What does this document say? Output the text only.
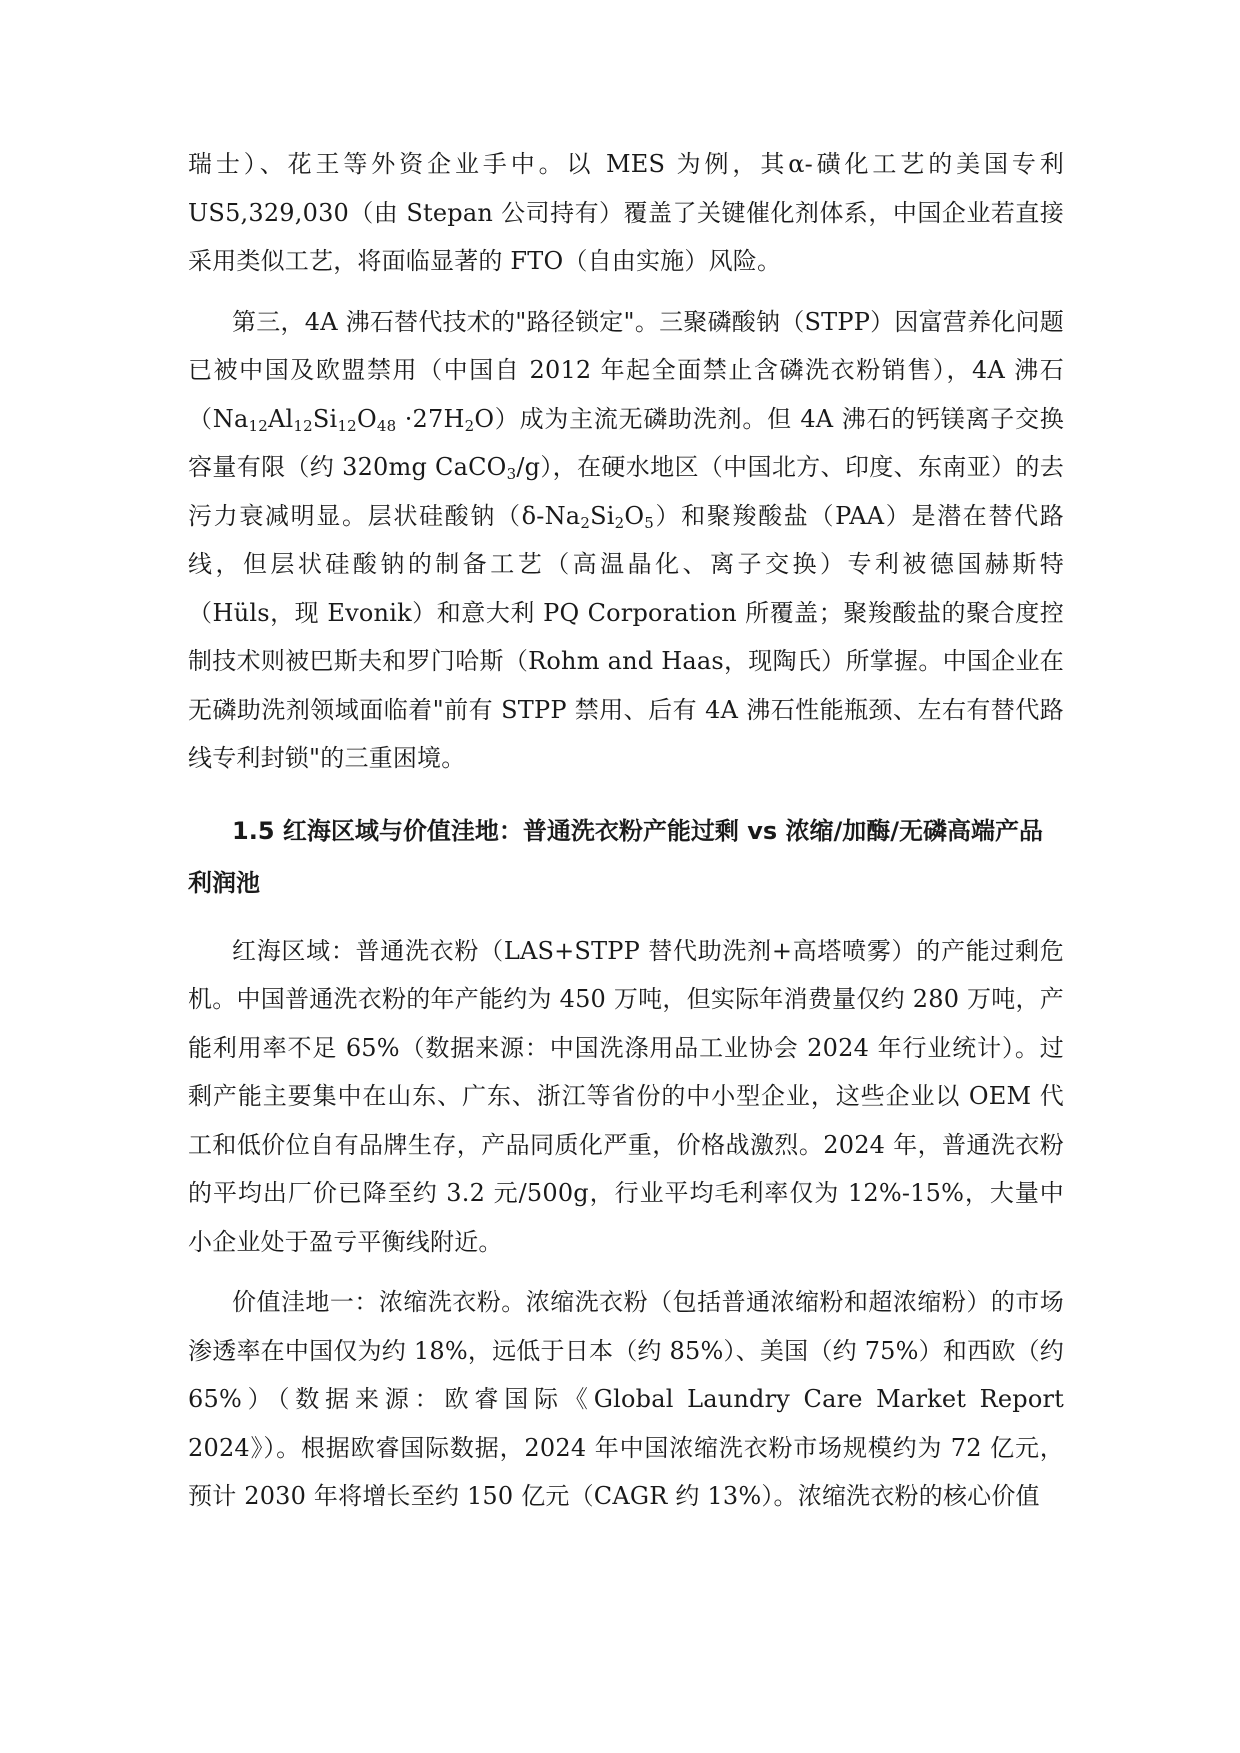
瑞士）、花王等外资企业手中。以 MES 为例，其α-磺化工艺的美国专利 US5,329,030（由 Stepan 公司持有）覆盖了关键催化剂体系，中国企业若直接采用类似工艺，将面临显著的 FTO（自由实施）风险。

第三，4A 沸石替代技术的"路径锁定"。三聚磷酸钠（STPP）因富营养化问题已被中国及欧盟禁用（中国自 2012 年起全面禁止含磷洗衣粉销售），4A 沸石$(Na_{12}Al_{12}Si_{12}O_{48} \cdot 27H_2O)$成为主流无磷助洗剂。但 4A 沸石的钙镁离子交换容量有限（约 320mg CaCO$_3$/g），在硬水地区（中国北方、印度、东南亚）的去污力衰减明显。层状硅酸钠$(\delta-Na_2Si_2O_5)$和聚羧酸盐（PAA）是潜在替代路线，但层状硅酸钠的制备工艺（高温晶化、离子交换）专利被德国赫斯特（Hüls，现 Evonik）和意大利 PQ Corporation 所覆盖；聚羧酸盐的聚合度控制技术则被巴斯夫和罗门哈斯（Rohm and Haas，现陶氏）所掌握。中国企业在无磷助洗剂领域面临着"前有 STPP 禁用、后有 4A 沸石性能瓶颈、左右有替代路线专利封锁"的三重困境。

1.5 红海区域与价值洼地：普通洗衣粉产能过剩 vs 浓缩/加酶/无磷高端产品利润池

红海区域：普通洗衣粉（LAS+STPP 替代助洗剂+高塔喷雾）的产能过剩危机。中国普通洗衣粉的年产能约为 450 万吨，但实际年消费量仅约 280 万吨，产能利用率不足 65%（数据来源：中国洗涤用品工业协会 2024 年行业统计）。过剩产能主要集中在山东、广东、浙江等省份的中小型企业，这些企业以 OEM 代工和低价位自有品牌生存，产品同质化严重，价格战激烈。2024 年，普通洗衣粉的平均出厂价已降至约 3.2 元/500g，行业平均毛利率仅为 12%-15%，大量中小企业处于盈亏平衡线附近。

价值洼地一：浓缩洗衣粉。浓缩洗衣粉（包括普通浓缩粉和超浓缩粉）的市场渗透率在中国仅为约 18%，远低于日本（约 85%）、美国（约 75%）和西欧（约 65%）（数据来源：欧睿国际《Global Laundry Care Market Report 2024》）。根据欧睿国际数据，2024 年中国浓缩洗衣粉市场规模约为 72 亿元，预计 2030 年将增长至约 150 亿元（CAGR 约 13%）。浓缩洗衣粉的核心价值
